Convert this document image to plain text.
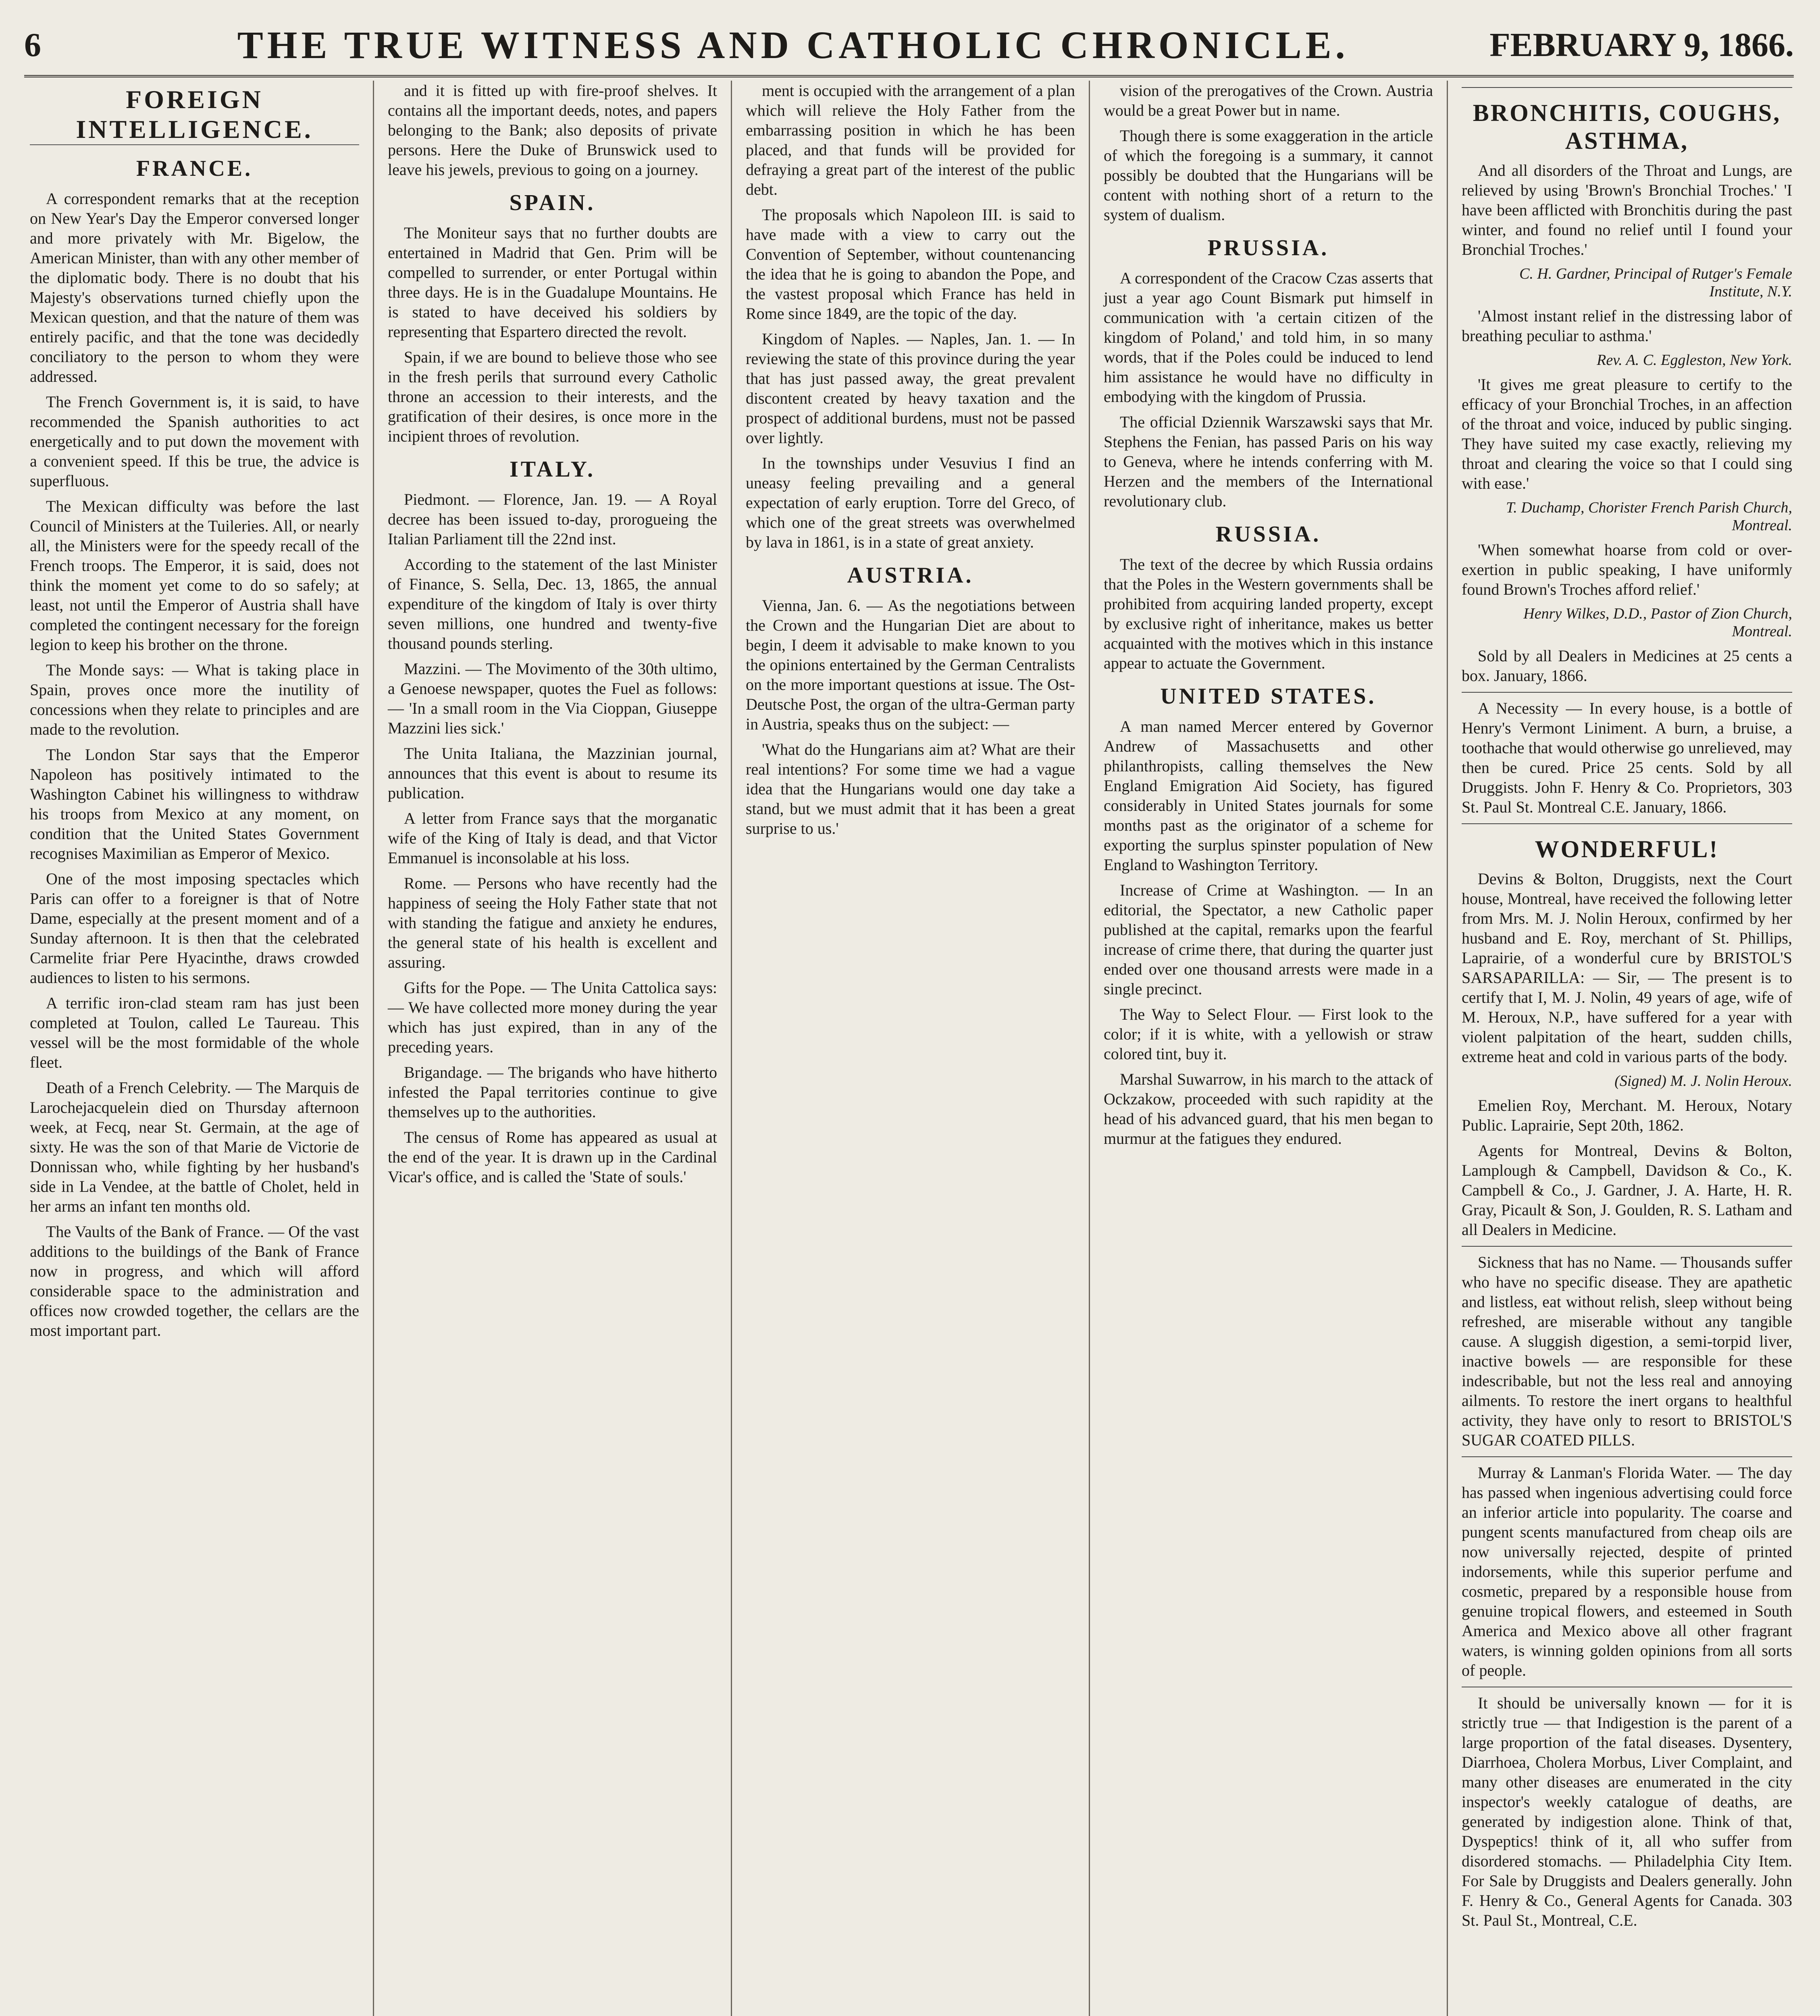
6	THE TRUE WITNESS AND CATHOLIC CHRONICLE.	FEBRUARY 9, 1866.
FOREIGN INTELLIGENCE.
FRANCE.

A correspondent remarks that at the reception on New Year's Day the Emperor conversed longer and more privately with Mr. Bigelow, the American Minister, than with any other member of the diplomatic body. There is no doubt that his Majesty's observations turned chiefly upon the Mexican question, and that the nature of them was entirely pacific, and that the tone was decidedly conciliatory to the person to whom they were addressed.

The French Government is, it is said, to have recommended the Spanish authorities to act energetically and to put down the movement with a convenient speed. If this be true, the advice is superfluous.

The Mexican difficulty was before the last Council of Ministers at the Tuileries. All, or nearly all, the Ministers were for the speedy recall of the French troops. The Emperor, it is said, does not think the moment yet come to do so safely; at least, not until the Emperor of Austria shall have completed the contingent necessary for the foreign legion to keep his brother on the throne.

The Monde says: — What is taking place in Spain, proves once more the inutility of concessions when they relate to principles and are made to the revolution.

The London Star says that the Emperor Napoleon has positively intimated to the Washington Cabinet his willingness to withdraw his troops from Mexico at any moment, on condition that the United States Government recognises Maximilian as Emperor of Mexico.

One of the most imposing spectacles which Paris can offer to a foreigner is that of Notre Dame, especially at the present moment and of a Sunday afternoon. It is then that the celebrated Carmelite friar Pere Hyacinthe, draws crowded audiences to listen to his sermons.

A terrific iron-clad steam ram has just been completed at Toulon, called Le Taureau. This vessel will be the most formidable of the whole fleet.

Death of a French Celebrity. — The Marquis de Larochejacquelein died on Thursday afternoon week, at Fecq, near St. Germain, at the age of sixty. He was the son of that Marie de Victorie de Donnissan who, while fighting by her husband's side in La Vendee, at the battle of Cholet, held in her arms an infant ten months old.

The Vaults of the Bank of France. — Of the vast additions to the buildings of the Bank of France now in progress, and which will afford considerable space to the administration and offices now crowded together, the cellars are the most important part.

and it is fitted up with fire-proof shelves. It contains all the important deeds, notes, and papers belonging to the Bank; also deposits of private persons. Here the Duke of Brunswick used to leave his jewels, previous to going on a journey.

SPAIN.

The Moniteur says that no further doubts are entertained in Madrid that Gen. Prim will be compelled to surrender, or enter Portugal within three days. He is in the Guadalupe Mountains. He is stated to have deceived his soldiers by representing that Espartero directed the revolt.

Spain, if we are bound to believe those who see in the fresh perils that surround every Catholic throne an accession to their interests, and the gratification of their desires, is once more in the incipient throes of revolution.

ITALY.

Piedmont. — Florence, Jan. 19. — A Royal decree has been issued to-day, prorogueing the Italian Parliament till the 22nd inst.

According to the statement of the last Minister of Finance, S. Sella, Dec. 13, 1865, the annual expenditure of the kingdom of Italy is over thirty seven millions, one hundred and twenty-five thousand pounds sterling.

Mazzini. — The Movimento of the 30th ultimo, a Genoese newspaper, quotes the Fuel as follows: — 'In a small room in the Via Cioppan, Giuseppe Mazzini lies sick.'

The Unita Italiana, the Mazzinian journal, announces that this event is about to resume its publication.

A letter from France says that the morganatic wife of the King of Italy is dead, and that Victor Emmanuel is inconsolable at his loss.

Rome. — Persons who have recently had the happiness of seeing the Holy Father state that not with standing the fatigue and anxiety he endures, the general state of his health is excellent and assuring.

Gifts for the Pope. — The Unita Cattolica says: — We have collected more money during the year which has just expired, than in any of the preceding years.

Brigandage. — The brigands who have hitherto infested the Papal territories continue to give themselves up to the authorities.

The census of Rome has appeared as usual at the end of the year. It is drawn up in the Cardinal Vicar's office, and is called the 'State of souls.'

ment is occupied with the arrangement of a plan which will relieve the Holy Father from the embarrassing position in which he has been placed, and that funds will be provided for defraying a great part of the interest of the public debt.

The proposals which Napoleon III. is said to have made with a view to carry out the Convention of September, without countenancing the idea that he is going to abandon the Pope, and the vastest proposal which France has held in Rome since 1849, are the topic of the day.

Kingdom of Naples. — Naples, Jan. 1. — In reviewing the state of this province during the year that has just passed away, the great prevalent discontent created by heavy taxation and the prospect of additional burdens, must not be passed over lightly.

In the townships under Vesuvius I find an uneasy feeling prevailing and a general expectation of early eruption. Torre del Greco, of which one of the great streets was overwhelmed by lava in 1861, is in a state of great anxiety.

AUSTRIA.

Vienna, Jan. 6. — As the negotiations between the Crown and the Hungarian Diet are about to begin, I deem it advisable to make known to you the opinions entertained by the German Centralists on the more important questions at issue. The Ost-Deutsche Post, the organ of the ultra-German party in Austria, speaks thus on the subject: —

'What do the Hungarians aim at? What are their real intentions? For some time we had a vague idea that the Hungarians would one day take a stand, but we must admit that it has been a great surprise to us.'

vision of the prerogatives of the Crown. Austria would be a great Power but in name.

Though there is some exaggeration in the article of which the foregoing is a summary, it cannot possibly be doubted that the Hungarians will be content with nothing short of a return to the system of dualism.

PRUSSIA.

A correspondent of the Cracow Czas asserts that just a year ago Count Bismark put himself in communication with 'a certain citizen of the kingdom of Poland,' and told him, in so many words, that if the Poles could be induced to lend him assistance he would have no difficulty in embodying with the kingdom of Prussia.

The official Dziennik Warszawski says that Mr. Stephens the Fenian, has passed Paris on his way to Geneva, where he intends conferring with M. Herzen and the members of the International revolutionary club.

RUSSIA.

The text of the decree by which Russia ordains that the Poles in the Western governments shall be prohibited from acquiring landed property, except by exclusive right of inheritance, makes us better acquainted with the motives which in this instance appear to actuate the Government.

UNITED STATES.

A man named Mercer entered by Governor Andrew of Massachusetts and other philanthropists, calling themselves the New England Emigration Aid Society, has figured considerably in United States journals for some months past as the originator of a scheme for exporting the surplus spinster population of New England to Washington Territory.

Increase of Crime at Washington. — In an editorial, the Spectator, a new Catholic paper published at the capital, remarks upon the fearful increase of crime there, that during the quarter just ended over one thousand arrests were made in a single precinct.

The Way to Select Flour. — First look to the color; if it is white, with a yellowish or straw colored tint, buy it.

Marshal Suwarrow, in his march to the attack of Ockzakow, proceeded with such rapidity at the head of his advanced guard, that his men began to murmur at the fatigues they endured.

BRONCHITIS, COUGHS, ASTHMA,

And all disorders of the Throat and Lungs, are relieved by using 'Brown's Bronchial Troches.' 'I have been afflicted with Bronchitis during the past winter, and found no relief until I found your Bronchial Troches.'

C. H. Gardner, Principal of Rutger's Female Institute, N.Y.

'Almost instant relief in the distressing labor of breathing peculiar to asthma.'

Rev. A. C. Eggleston, New York.

'It gives me great pleasure to certify to the efficacy of your Bronchial Troches, in an affection of the throat and voice, induced by public singing. They have suited my case exactly, relieving my throat and clearing the voice so that I could sing with ease.'

T. Duchamp, Chorister French Parish Church, Montreal.

'When somewhat hoarse from cold or over-exertion in public speaking, I have uniformly found Brown's Troches afford relief.'

Henry Wilkes, D.D., Pastor of Zion Church, Montreal.

Sold by all Dealers in Medicines at 25 cents a box. January, 1866.

A Necessity — In every house, is a bottle of Henry's Vermont Liniment. A burn, a bruise, a toothache that would otherwise go unrelieved, may then be cured. Price 25 cents. Sold by all Druggists. John F. Henry & Co. Proprietors, 303 St. Paul St. Montreal C.E. January, 1866.

WONDERFUL!

Devins & Bolton, Druggists, next the Court house, Montreal, have received the following letter from Mrs. M. J. Nolin Heroux, confirmed by her husband and E. Roy, merchant of St. Phillips, Laprairie, of a wonderful cure by BRISTOL'S SARSAPARILLA: — Sir, — The present is to certify that I, M. J. Nolin, 49 years of age, wife of M. Heroux, N.P., have suffered for a year with violent palpitation of the heart, sudden chills, extreme heat and cold in various parts of the body.

(Signed) M. J. Nolin Heroux.

Emelien Roy, Merchant. M. Heroux, Notary Public. Laprairie, Sept 20th, 1862.

Agents for Montreal, Devins & Bolton, Lamplough & Campbell, Davidson & Co., K. Campbell & Co., J. Gardner, J. A. Harte, H. R. Gray, Picault & Son, J. Goulden, R. S. Latham and all Dealers in Medicine.

Sickness that has no Name. — Thousands suffer who have no specific disease. They are apathetic and listless, eat without relish, sleep without being refreshed, are miserable without any tangible cause. A sluggish digestion, a semi-torpid liver, inactive bowels — are responsible for these indescribable, but not the less real and annoying ailments. To restore the inert organs to healthful activity, they have only to resort to BRISTOL'S SUGAR COATED PILLS.

Murray & Lanman's Florida Water. — The day has passed when ingenious advertising could force an inferior article into popularity. The coarse and pungent scents manufactured from cheap oils are now universally rejected, despite of printed indorsements, while this superior perfume and cosmetic, prepared by a responsible house from genuine tropical flowers, and esteemed in South America and Mexico above all other fragrant waters, is winning golden opinions from all sorts of people.

It should be universally known — for it is strictly true — that Indigestion is the parent of a large proportion of the fatal diseases. Dysentery, Diarrhoea, Cholera Morbus, Liver Complaint, and many other diseases are enumerated in the city inspector's weekly catalogue of deaths, are generated by indigestion alone. Think of that, Dyspeptics! think of it, all who suffer from disordered stomachs. — Philadelphia City Item. For Sale by Druggists and Dealers generally. John F. Henry & Co., General Agents for Canada. 303 St. Paul St., Montreal, C.E.
